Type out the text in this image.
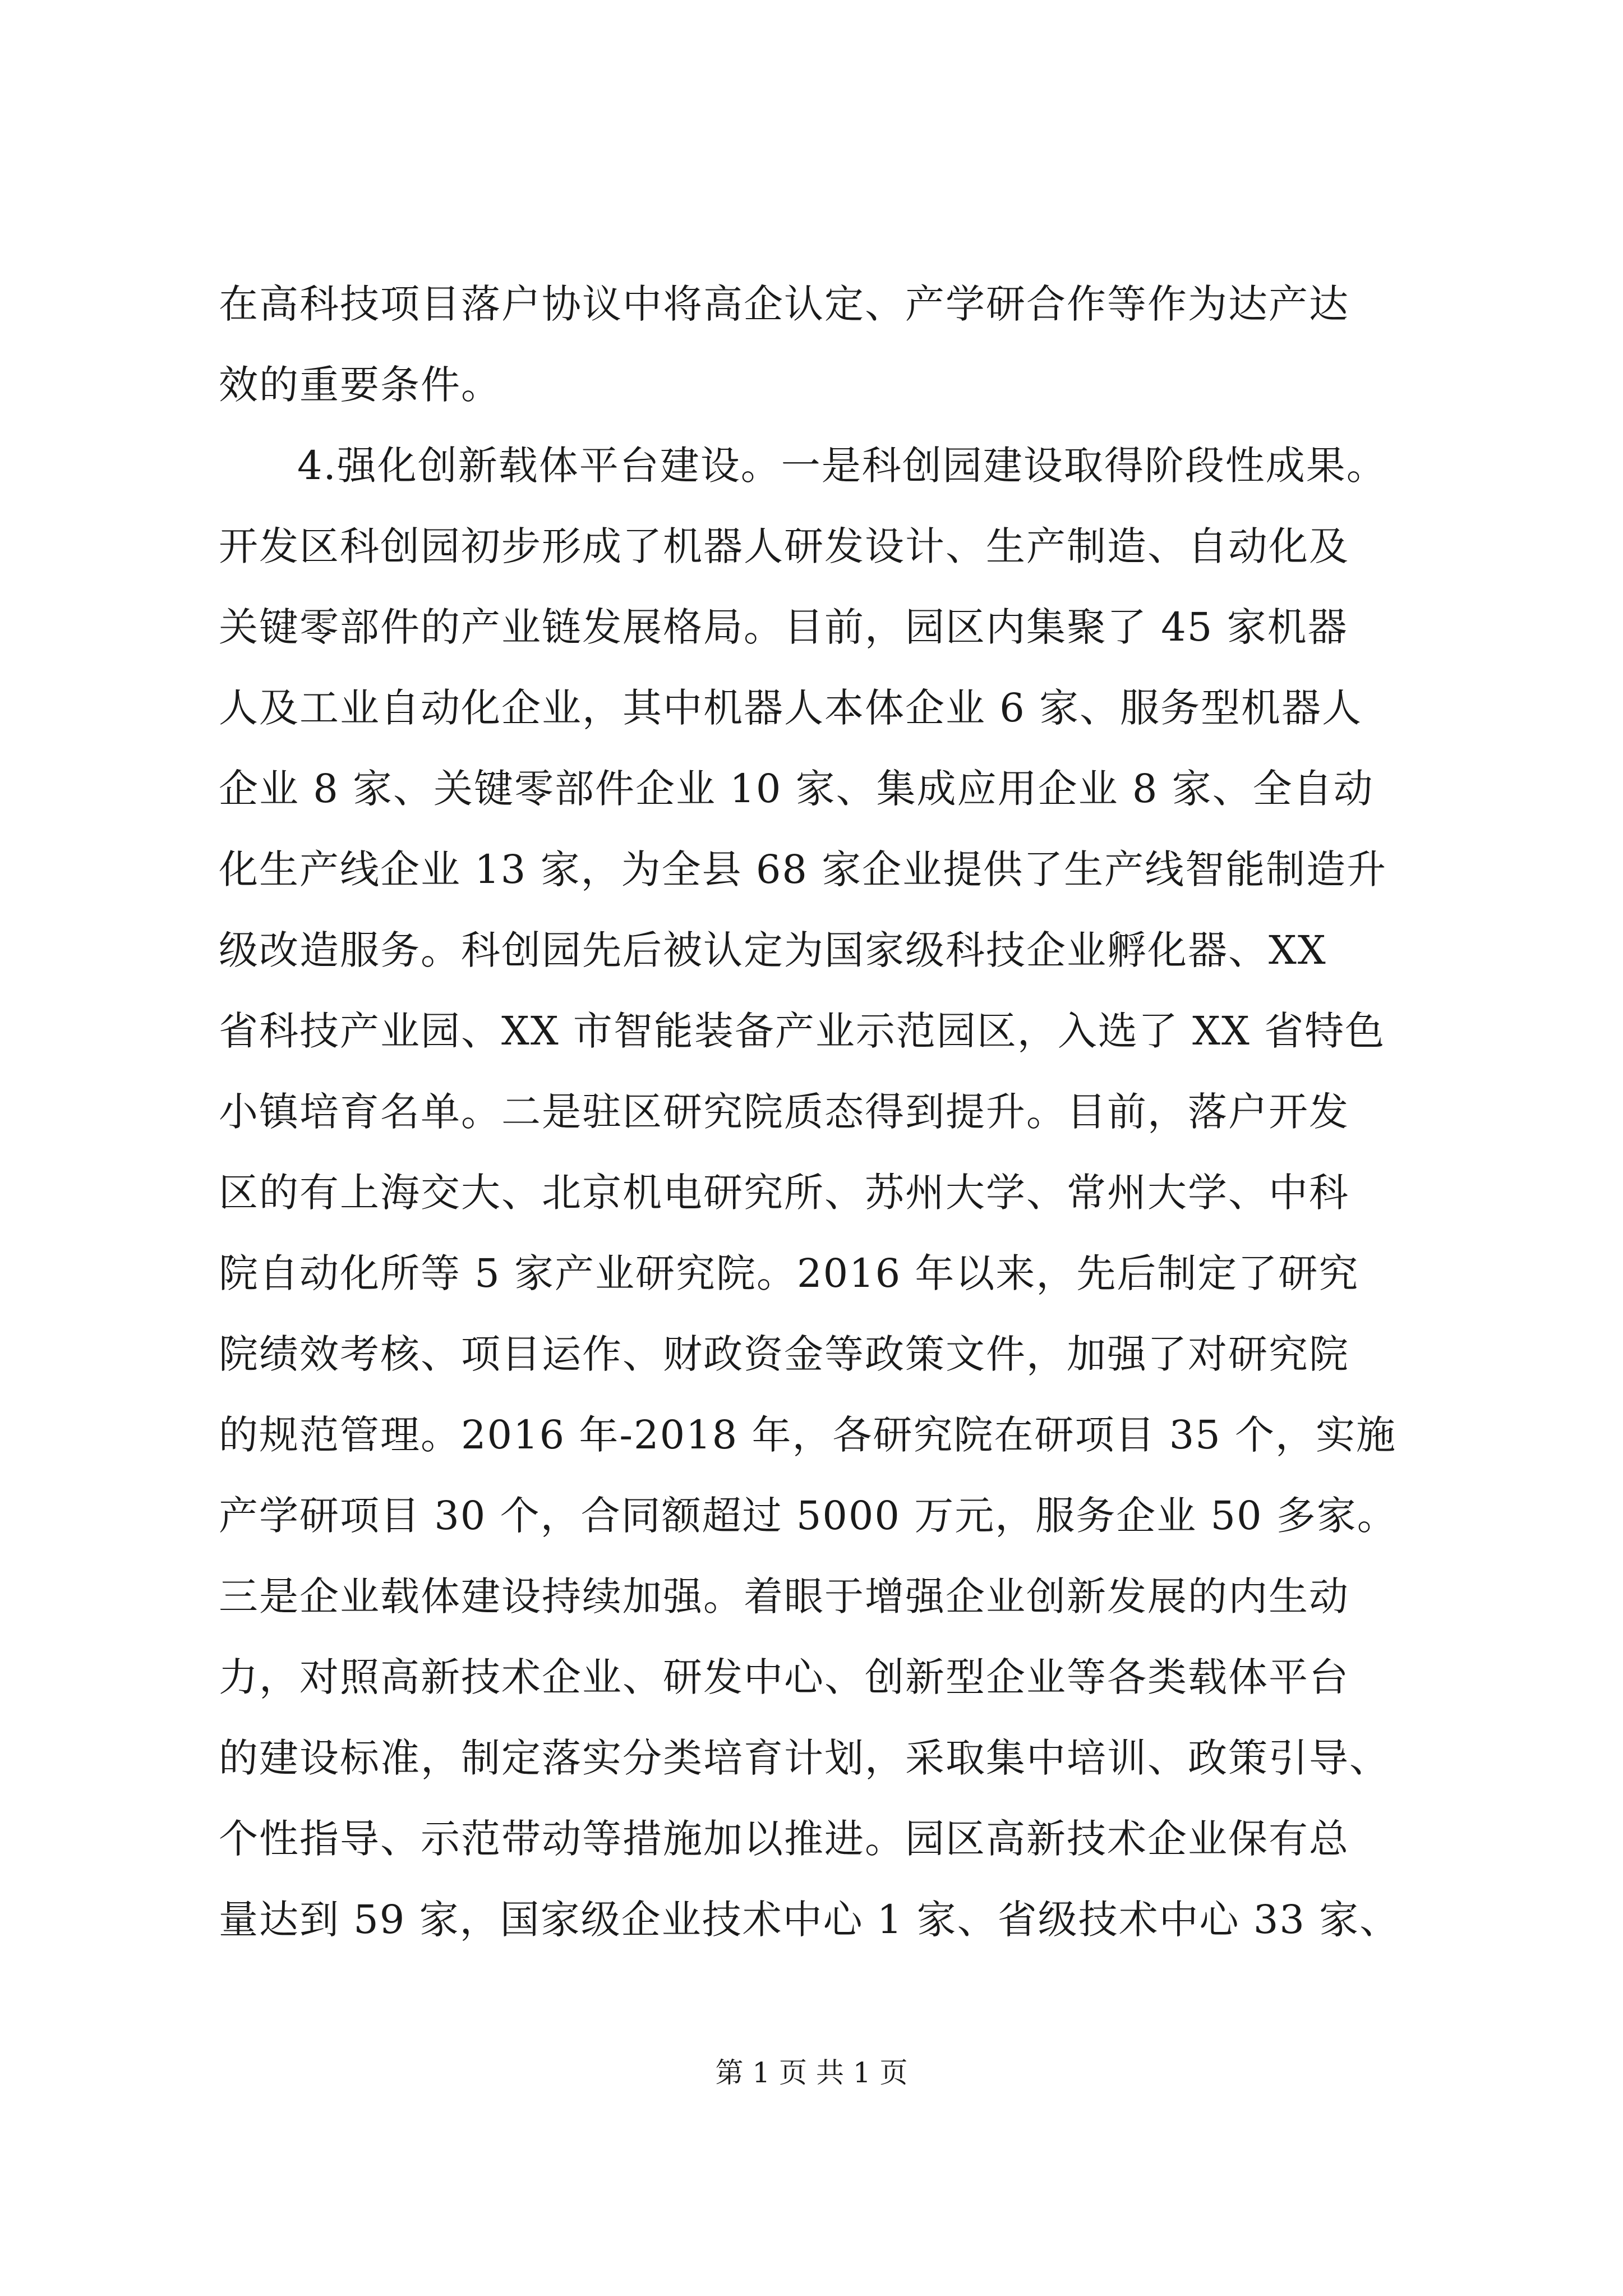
在高科技项目落户协议中将高企认定、产学研合作等作为达产达
效的重要条件。
4.强化创新载体平台建设。一是科创园建设取得阶段性成果。
开发区科创园初步形成了机器人研发设计、生产制造、自动化及
关键零部件的产业链发展格局。目前，园区内集聚了 45 家机器
人及工业自动化企业，其中机器人本体企业 6 家、服务型机器人
企业 8 家、关键零部件企业 10 家、集成应用企业 8 家、全自动
化生产线企业 13 家，为全县 68 家企业提供了生产线智能制造升
级改造服务。科创园先后被认定为国家级科技企业孵化器、XX
省科技产业园、XX 市智能装备产业示范园区，入选了 XX 省特色
小镇培育名单。二是驻区研究院质态得到提升。目前，落户开发
区的有上海交大、北京机电研究所、苏州大学、常州大学、中科
院自动化所等 5 家产业研究院。2016 年以来，先后制定了研究
院绩效考核、项目运作、财政资金等政策文件，加强了对研究院
的规范管理。2016 年-2018 年，各研究院在研项目 35 个，实施
产学研项目 30 个，合同额超过 5000 万元，服务企业 50 多家。
三是企业载体建设持续加强。着眼于增强企业创新发展的内生动
力，对照高新技术企业、研发中心、创新型企业等各类载体平台
的建设标准，制定落实分类培育计划，采取集中培训、政策引导、
个性指导、示范带动等措施加以推进。园区高新技术企业保有总
量达到 59 家，国家级企业技术中心 1 家、省级技术中心 33 家、
第 1 页 共 1 页
